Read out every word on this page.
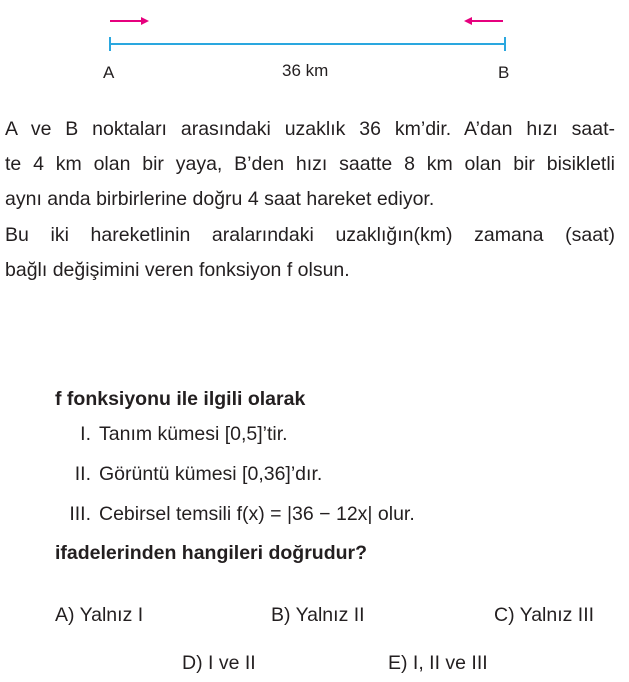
A	36 km	B

A ve B noktaları arasındaki uzaklık 36 km’dir. A’dan hızı saat-
te 4 km olan bir yaya, B’den hızı saatte 8 km olan bir bisikletli
aynı anda birbirlerine doğru 4 saat hareket ediyor.

Bu iki hareketlinin aralarındaki uzaklığın(km) zamana (saat)
bağlı değişimini veren fonksiyon f olsun.

f fonksiyonu ile ilgili olarak

I. Tanım kümesi [0,5]’tir.
II. Görüntü kümesi [0,36]’dır.
III. Cebirsel temsili f(x) = |36 − 12x| olur.

ifadelerinden hangileri doğrudur?

A) Yalnız I	B) Yalnız II	C) Yalnız III
D) I ve II	E) I, II ve III
